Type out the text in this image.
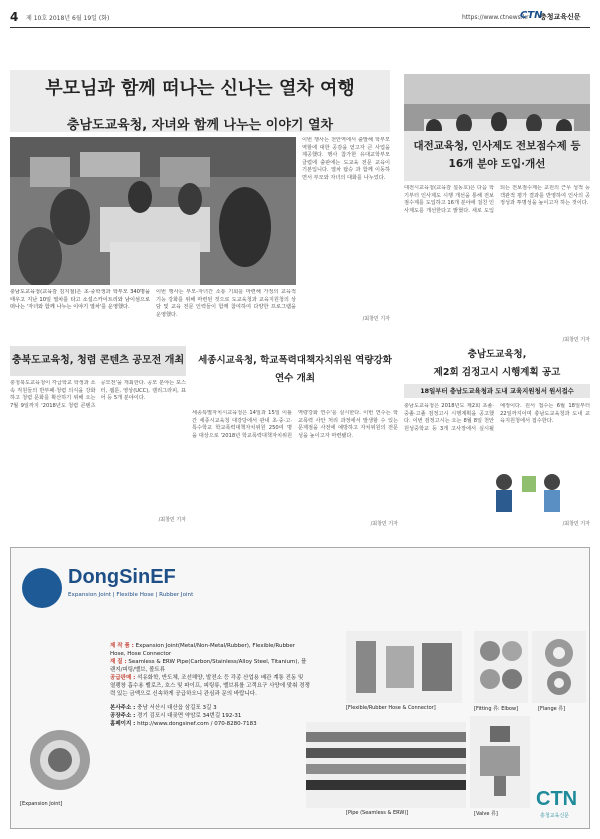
4 제 10호 2018년 6월 19일 (화)	https://www.ctnews.kr
CTN
충청교육신문
부모님과 함께 떠나는 신나는 열차 여행
충남도교육청, 자녀와 함께 나누는 이야기 열차
충남도교육청(교육감 김지철)은 초·중학생과 학부모 340명을 태우고 지난 10일 열차를 타고 소설스카이트리와 남이섬으로 떠나는 '자녀와 함께 나누는 이야기 열차'를 운영했다.
이번 행사는 부모-자녀간 소통 기회를 마련해 가정의 교육적 기능 강화를 위해 마련된 것으로 도교육청과 교육지원청의 상담 및 교육 전문 인력들이 함께 참여하여 다양한 프로그램을 운영했다.
이번 행사는 천안역에서 출발해 학부모 역할에 대한 공감을 얻고자 큰 사업을 제공했다. 행사 참가한 유대교학부모 클럽에 출판에는 도교육 전문 교육이 기본입니다. 열차 탑승 과 함께 이동하면서 부모와 자녀의 대화를 나누었다.
/최창민 기자
대전교육청, 인사제도 전보점수제 등 16개 분야 도입·개선
대전시교육청(교육감 설동호)은 다음 학기부터 인사제도 시행 개선을 통해 전보점수제를 도입하고 16개 분야에 걸친 인사제도를 개선한다고 밝혔다. 새로 도입되는 전보점수제는 교원의 근무 성적 등 객관적 평가 결과를 반영하여 인사의 공정성과 투명성을 높이고자 하는 것이다.
/최창민 기자
충북도교육청, 청렴 콘텐츠 공모전 개최
충청북도교육청이 각급학교 학생과 소속 직원들의 반부패·청렴 의식을 강화하고 청렴 문화를 확산하기 위해 오는 7월 9일까지 '2018년도 청렴 콘텐츠 공모전'을 개최한다. 공모 분야는 포스터, 웹툰, 영상(UCC), 캘리그라피, 표어 등 5개 분야이다.
/최창민 기자
세종시교육청, 학교폭력대책자치위원 역량강화 연수 개최
세종특별자치시교육청은 14일과 15일 이틀간 세종시교육청 대강당에서 관내 초·중·고·특수학교 학교폭력대책자치위원 250여 명을 대상으로 '2018년 학교폭력대책자치위원 역량강화 연수'를 실시한다. 이번 연수는 학교폭력 사안 처리 과정에서 발생할 수 있는 문제점을 사전에 예방하고 자치위원의 전문성을 높이고자 마련됐다.
/최창민 기자
충남도교육청,
제2회 검정고시 시행계획 공고
18일부터 충남도교육청과 도내 교육지원청서 원서접수
충남도교육청은 2018년도 제2회 초졸·중졸·고졸 검정고시 시행계획을 공고했다. 이번 검정고시는 오는 8월 8일 천안 원성중학교 등 3개 고사장에서 실시될 예정이다. 원서 접수는 6월 18일부터 22일까지이며 충남도교육청과 도내 교육지원청에서 접수한다.
/최창민 기자
DongSinEF
Expansion Joint | Flexible Hose | Rubber Joint
제 작 품 : Expansion Joint(Metal/Non-Metal/Rubber), Flexible/Rubber Hose, Hose Connector
재 질 : Seamless & ERW Pipe(Carbon/Stainless/Alloy Steel, Titanium), 플랜지/피팅/밸브, 볼트류
공급판매 : 석유화학, 반도체, 조선해양, 발전소 등 각종 산업용 배관 계통 진동 및 열팽창 흡수용 벨로즈, 호스 및 파이프, 피팅류, 밸브류를 고객요구 사양에 맞춰 경쟁력 있는 금액으로 신속하게 공급하오니 관심과 문의 바랍니다.
본사주소 : 충남 서산시 대산읍 삼길포 3길 3
공장주소 : 경기 김포시 대곶면 약암로 34번길 192-31
홈페이지 : http://www.dongsinef.com / 070-8280-7183
[Expansion Joint]
[Flexible/Rubber Hose & Connector]	[Fitting 류: Elbow]	[Flange 류]
[Pipe (Seamless & ERW)]	[Valve 류]
CTN
충청교육신문
